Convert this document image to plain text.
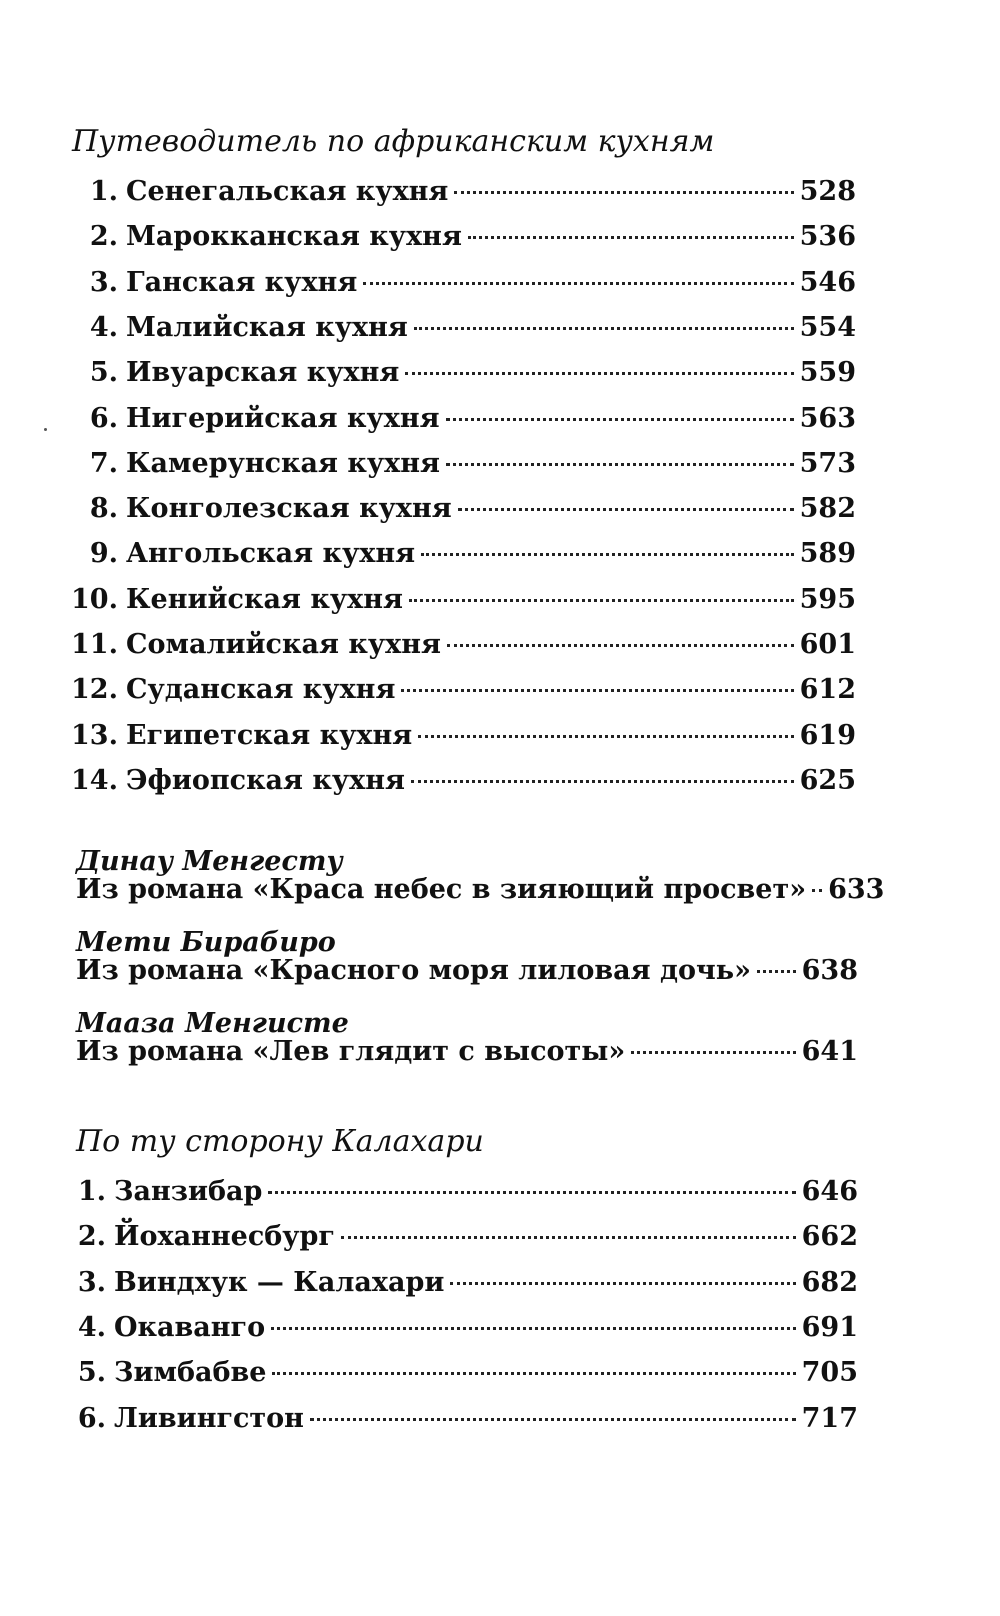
Путеводитель по африканским кухням
1. Сенегальская кухня	528
2. Марокканская кухня	536
3. Ганская кухня	546
4. Малийская кухня	554
5. Ивуарская кухня	559
6. Нигерийская кухня	563
7. Камерунская кухня	573
8. Конголезская кухня	582
9. Ангольская кухня	589
10. Кенийская кухня	595
11. Сомалийская кухня	601
12. Суданская кухня	612
13. Египетская кухня	619
14. Эфиопская кухня	625
Динау Менгесту
Из романа «Краса небес в зияющий просвет» 633
Мети Бирабиро
Из романа «Красного моря лиловая дочь» 638
Мааза Менгисте
Из романа «Лев глядит с высоты»	641
По ту сторону Калахари
1. Занзибар	646
2. Йоханнесбург	662
3. Виндхук — Калахари	682
4. Окаванго	691
5. Зимбабве	705
6. Ливингстон	717
